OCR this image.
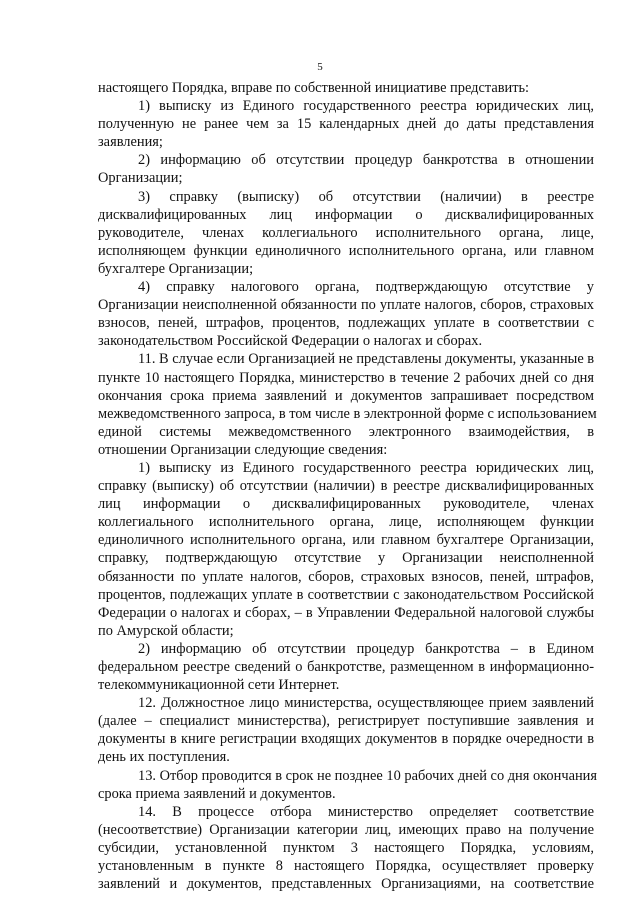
5
настоящего Порядка, вправе по собственной инициативе представить:
1) выписку из Единого государственного реестра юридических лиц,
полученную не ранее чем за 15 календарных дней до даты представления
заявления;
2) информацию об отсутствии процедур банкротства в отношении
Организации;
3) справку (выписку) об отсутствии (наличии) в реестре
дисквалифицированных лиц информации о дисквалифицированных
руководителе, членах коллегиального исполнительного органа, лице,
исполняющем функции единоличного исполнительного органа, или главном
бухгалтере Организации;
4) справку налогового органа, подтверждающую отсутствие у
Организации неисполненной обязанности по уплате налогов, сборов, страховых
взносов, пеней, штрафов, процентов, подлежащих уплате в соответствии с
законодательством Российской Федерации о налогах и сборах.
11. В случае если Организацией не представлены документы, указанные в
пункте 10 настоящего Порядка, министерство в течение 2 рабочих дней со дня
окончания срока приема заявлений и документов запрашивает посредством
межведомственного запроса, в том числе в электронной форме с использованием
единой системы межведомственного электронного взаимодействия, в
отношении Организации следующие сведения:
1) выписку из Единого государственного реестра юридических лиц,
справку (выписку) об отсутствии (наличии) в реестре дисквалифицированных
лиц информации о дисквалифицированных руководителе, членах
коллегиального исполнительного органа, лице, исполняющем функции
единоличного исполнительного органа, или главном бухгалтере Организации,
справку, подтверждающую отсутствие у Организации неисполненной
обязанности по уплате налогов, сборов, страховых взносов, пеней, штрафов,
процентов, подлежащих уплате в соответствии с законодательством Российской
Федерации о налогах и сборах, – в Управлении Федеральной налоговой службы
по Амурской области;
2) информацию об отсутствии процедур банкротства – в Едином
федеральном реестре сведений о банкротстве, размещенном в информационно-
телекоммуникационной сети Интернет.
12. Должностное лицо министерства, осуществляющее прием заявлений
(далее – специалист министерства), регистрирует поступившие заявления и
документы в книге регистрации входящих документов в порядке очередности в
день их поступления.
13. Отбор проводится в срок не позднее 10 рабочих дней со дня окончания
срока приема заявлений и документов.
14. В процессе отбора министерство определяет соответствие
(несоответствие) Организации категории лиц, имеющих право на получение
субсидии, установленной пунктом 3 настоящего Порядка, условиям,
установленным в пункте 8 настоящего Порядка, осуществляет проверку
заявлений и документов, представленных Организациями, на соответствие
